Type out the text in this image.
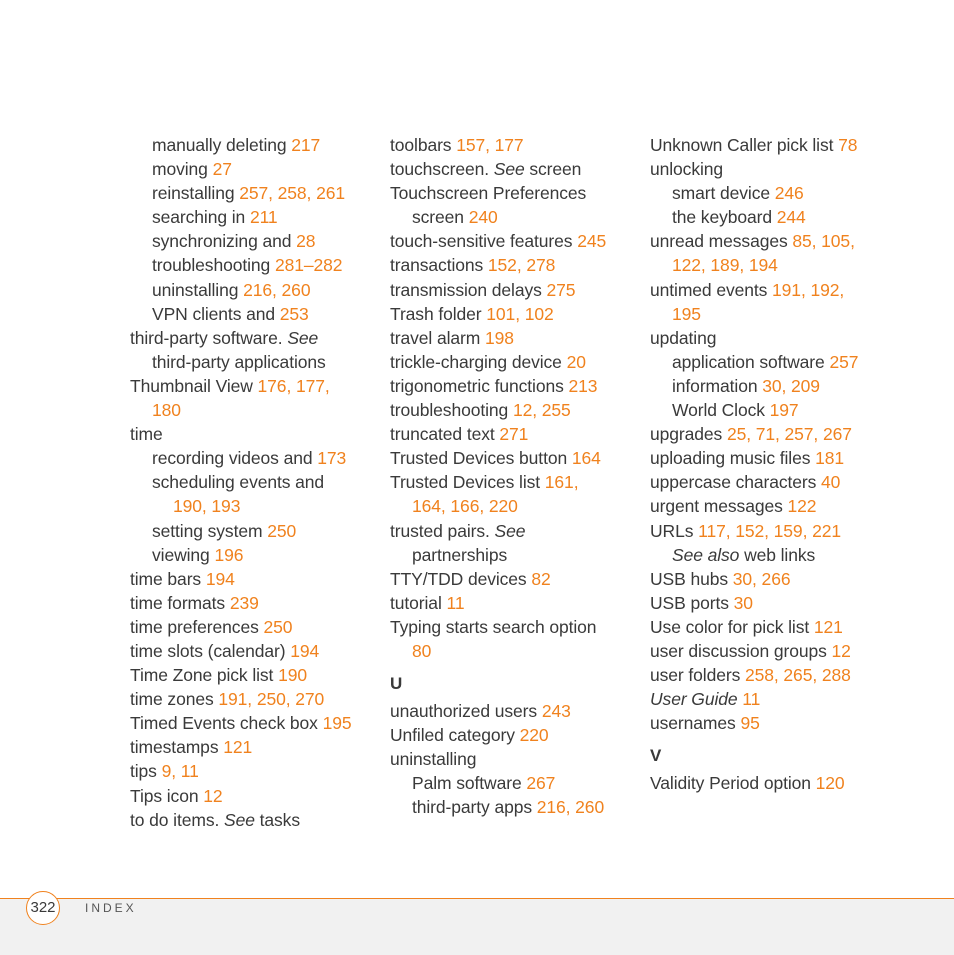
manually deleting 217
moving 27
reinstalling 257, 258, 261
searching in 211
synchronizing and 28
troubleshooting 281–282
uninstalling 216, 260
VPN clients and 253
third-party software. See
third-party applications
Thumbnail View 176, 177,
180
time
recording videos and 173
scheduling events and
190, 193
setting system 250
viewing 196
time bars 194
time formats 239
time preferences 250
time slots (calendar) 194
Time Zone pick list 190
time zones 191, 250, 270
Timed Events check box 195
timestamps 121
tips 9, 11
Tips icon 12
to do items. See tasks
toolbars 157, 177
touchscreen. See screen
Touchscreen Preferences
screen 240
touch-sensitive features 245
transactions 152, 278
transmission delays 275
Trash folder 101, 102
travel alarm 198
trickle-charging device 20
trigonometric functions 213
troubleshooting 12, 255
truncated text 271
Trusted Devices button 164
Trusted Devices list 161,
164, 166, 220
trusted pairs. See
partnerships
TTY/TDD devices 82
tutorial 11
Typing starts search option
80
U
unauthorized users 243
Unfiled category 220
uninstalling
Palm software 267
third-party apps 216, 260
Unknown Caller pick list 78
unlocking
smart device 246
the keyboard 244
unread messages 85, 105,
122, 189, 194
untimed events 191, 192,
195
updating
application software 257
information 30, 209
World Clock 197
upgrades 25, 71, 257, 267
uploading music files 181
uppercase characters 40
urgent messages 122
URLs 117, 152, 159, 221
See also web links
USB hubs 30, 266
USB ports 30
Use color for pick list 121
user discussion groups 12
user folders 258, 265, 288
User Guide 11
usernames 95
V
Validity Period option 120
322	INDEX
